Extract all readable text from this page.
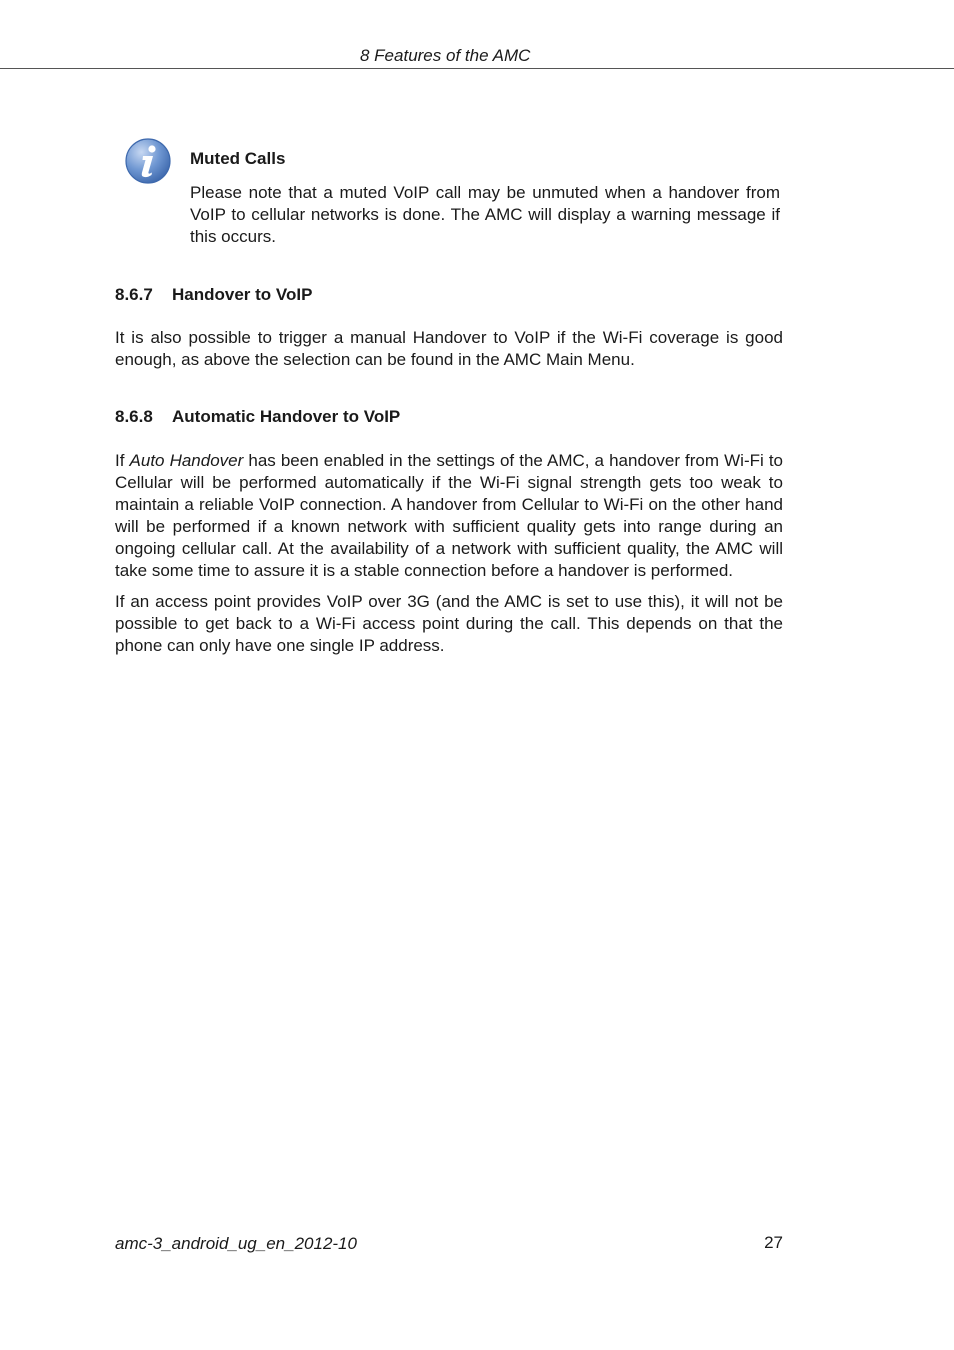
8 Features of the AMC
Muted Calls

Please note that a muted VoIP call may be unmuted when a handover from VoIP to cellular networks is done. The AMC will display a warning message if this occurs.

8.6.7 Handover to VoIP

It is also possible to trigger a manual Handover to VoIP if the Wi-Fi coverage is good enough, as above the selection can be found in the AMC Main Menu.

8.6.8 Automatic Handover to VoIP

If Auto Handover has been enabled in the settings of the AMC, a handover from Wi-Fi to Cellular will be performed automatically if the Wi-Fi signal strength gets too weak to maintain a reliable VoIP connection. A handover from Cellular to Wi-Fi on the other hand will be performed if a known network with sufficient quality gets into range during an ongoing cellular call. At the availability of a network with sufficient quality, the AMC will take some time to assure it is a stable connection before a handover is performed.

If an access point provides VoIP over 3G (and the AMC is set to use this), it will not be possible to get back to a Wi-Fi access point during the call. This depends on that the phone can only have one single IP address.

amc-3_android_ug_en_2012-10	27
